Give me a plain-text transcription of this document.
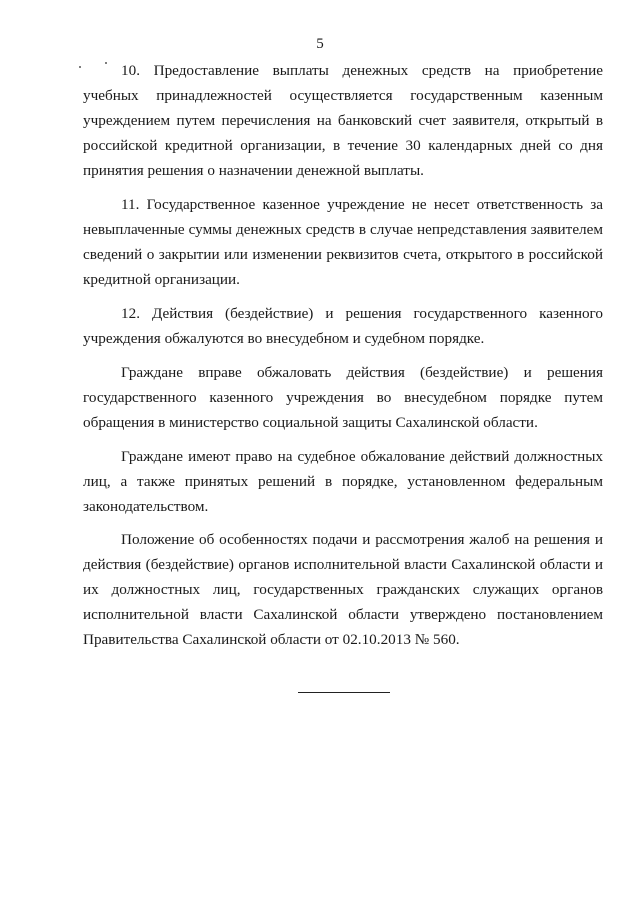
5

10. Предоставление выплаты денежных средств на приобретение учебных принадлежностей осуществляется государственным казенным учреждением путем перечисления на банковский счет заявителя, открытый в российской кредитной организации, в течение 30 календарных дней со дня принятия решения о назначении денежной выплаты.

11. Государственное казенное учреждение не несет ответственность за невыплаченные суммы денежных средств в случае непредставления заявителем сведений о закрытии или изменении реквизитов счета, открытого в российской кредитной организации.

12. Действия (бездействие) и решения государственного казенного учреждения обжалуются во внесудебном и судебном порядке.

Граждане вправе обжаловать действия (бездействие) и решения государственного казенного учреждения во внесудебном порядке путем обращения в министерство социальной защиты Сахалинской области.

Граждане имеют право на судебное обжалование действий должностных лиц, а также принятых решений в порядке, установленном федеральным законодательством.

Положение об особенностях подачи и рассмотрения жалоб на решения и действия (бездействие) органов исполнительной власти Сахалинской области и их должностных лиц, государственных гражданских служащих органов исполнительной власти Сахалинской области утверждено постановлением Правительства Сахалинской области от 02.10.2013 № 560.
